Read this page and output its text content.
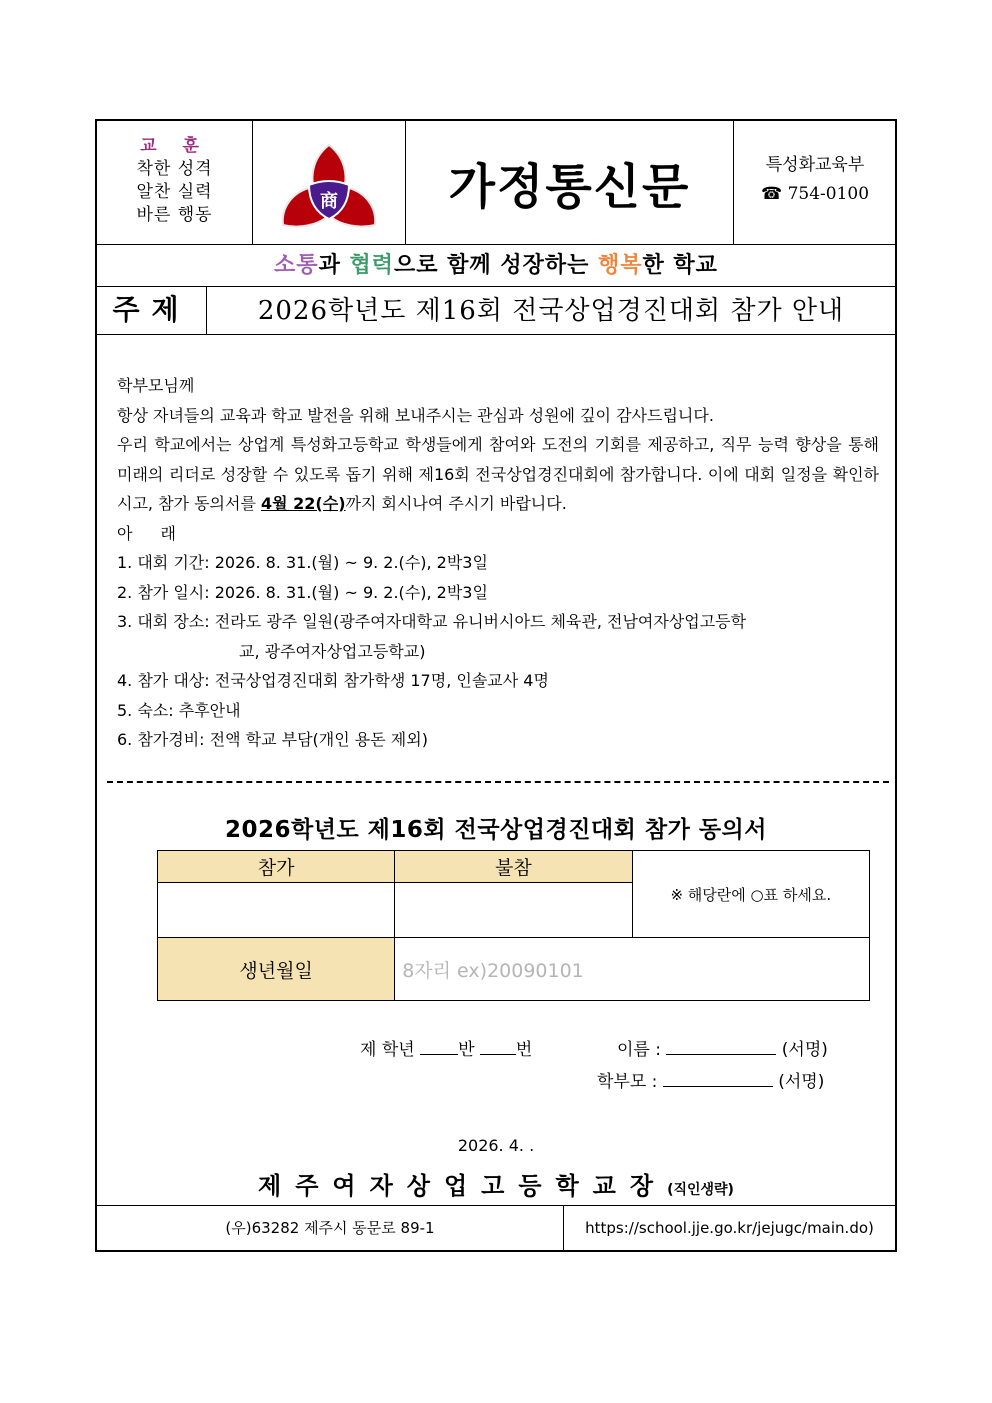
교 훈
착한 성격
알찬 실력
바른 행동
商 가정통신문	특성화교육부
☎ 754-0100
소통과 협력으로 함께 성장하는 행복한 학교
주제	2026학년도 제16회 전국상업경진대회 참가 안내

학부모님께

항상 자녀들의 교육과 학교 발전을 위해 보내주시는 관심과 성원에 깊이 감사드립니다.

우리 학교에서는 상업계 특성화고등학교 학생들에게 참여와 도전의 기회를 제공하고, 직무 능력 향상을 통해 미래의 리더로 성장할 수 있도록 돕기 위해 제16회 전국상업경진대회에 참가합니다. 이에 대회 일정을 확인하시고, 참가 동의서를 4월 22(수)까지 회시나여 주시기 바랍니다.

아래

1. 대회 기간: 2026. 8. 31.(월) ~ 9. 2.(수), 2박3일

2. 참가 일시: 2026. 8. 31.(월) ~ 9. 2.(수), 2박3일

3. 대회 장소: 전라도 광주 일원(광주여자대학교 유니버시아드 체육관, 전남여자상업고등학

교, 광주여자상업고등학교)

4. 참가 대상: 전국상업경진대회 참가학생 17명, 인솔교사 4명

5. 숙소: 추후안내

6. 참가경비: 전액 학교 부담(개인 용돈 제외)

2026학년도 제16회 전국상업경진대회 참가 동의서
참가	불참	※ 해당란에 ○표 하세요.

생년월일	8자리 ex)20090101	
제 학년	반 번	이름 :	(서명)
학부모 :	(서명)
2026. 4. .
제주여자상업고등학교장(직인생략)
(우)63282 제주시 동문로 89-1	https://school.jje.go.kr/jejugc/main.do)
